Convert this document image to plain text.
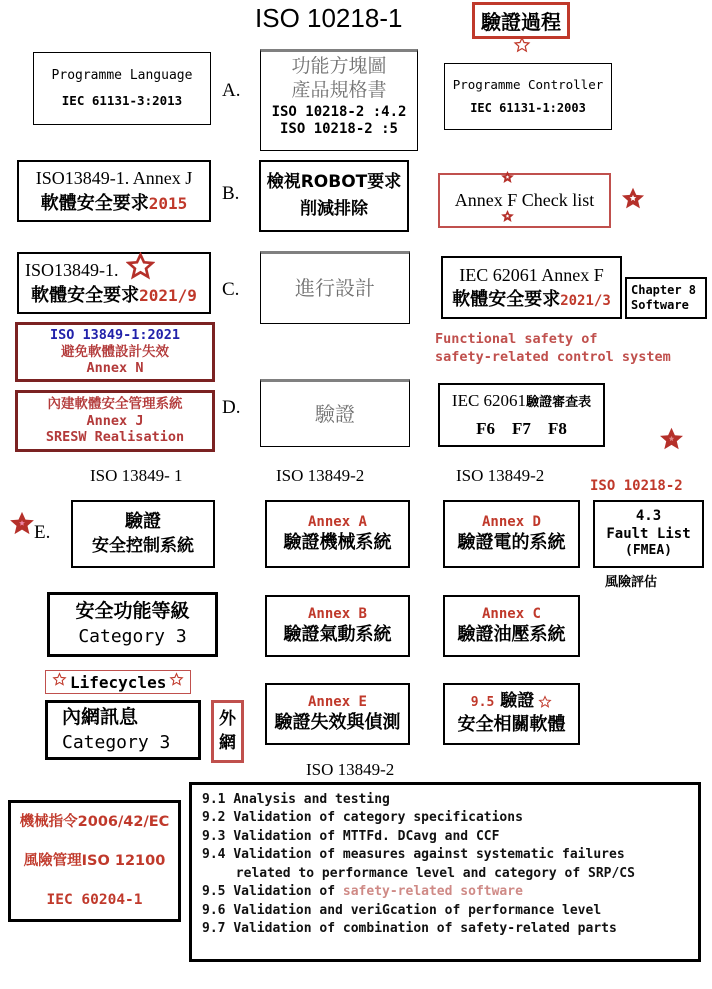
ISO 10218-1	驗證過程
Programme Language
IEC 61131-3:2013 A.
功能方塊圖
產品規格書
ISO 10218-2 :4.2
ISO 10218-2 :5
Programme Controller
IEC 61131-1:2003
ISO13849-1. Annex J
軟體安全要求2015 B.
檢視ROBOT要求
削減排除	Annex F Check list
ISO13849-1.
軟體安全要求2021/9
ISO 13849-1:2021
避免軟體設計失效
Annex N
C.	進行設計
IEC 62061 Annex F
軟體安全要求2021/3
Chapter 8
Software
Functional safety of
safety-related control system
內建軟體安全管理系統
Annex J
SRESW Realisation
D.	驗證
IEC 62061驗證審查表
F6 F7 F8
ISO 13849- 1	ISO 13849-2	ISO 13849-2
ISO 10218-2
E.
驗證
安全控制系統
Annex A
驗證機械系統
Annex D
驗證電的系統
4.3
Fault List
(FMEA)
風險評估
安全功能等級
Category 3
Annex B
驗證氣動系統
Annex C
驗證油壓系統
Lifecycles
內網訊息
Category 3
外
網
Annex E
驗證失效與偵測
9.5 驗證
安全相關軟體
ISO 13849-2
機械指令2006/42/EC
風險管理ISO 12100
IEC 60204-1
9.1 Analysis and testing
9.2 Validation of category specifications
9.3 Validation of MTTFd. DCavg and CCF
9.4 Validation of measures against systematic failures
related to performance level and category of SRP/CS
9.5 Validation of safety-related software
9.6 Validation and veriGcation of performance level
9.7 Validation of combination of safety-related parts
